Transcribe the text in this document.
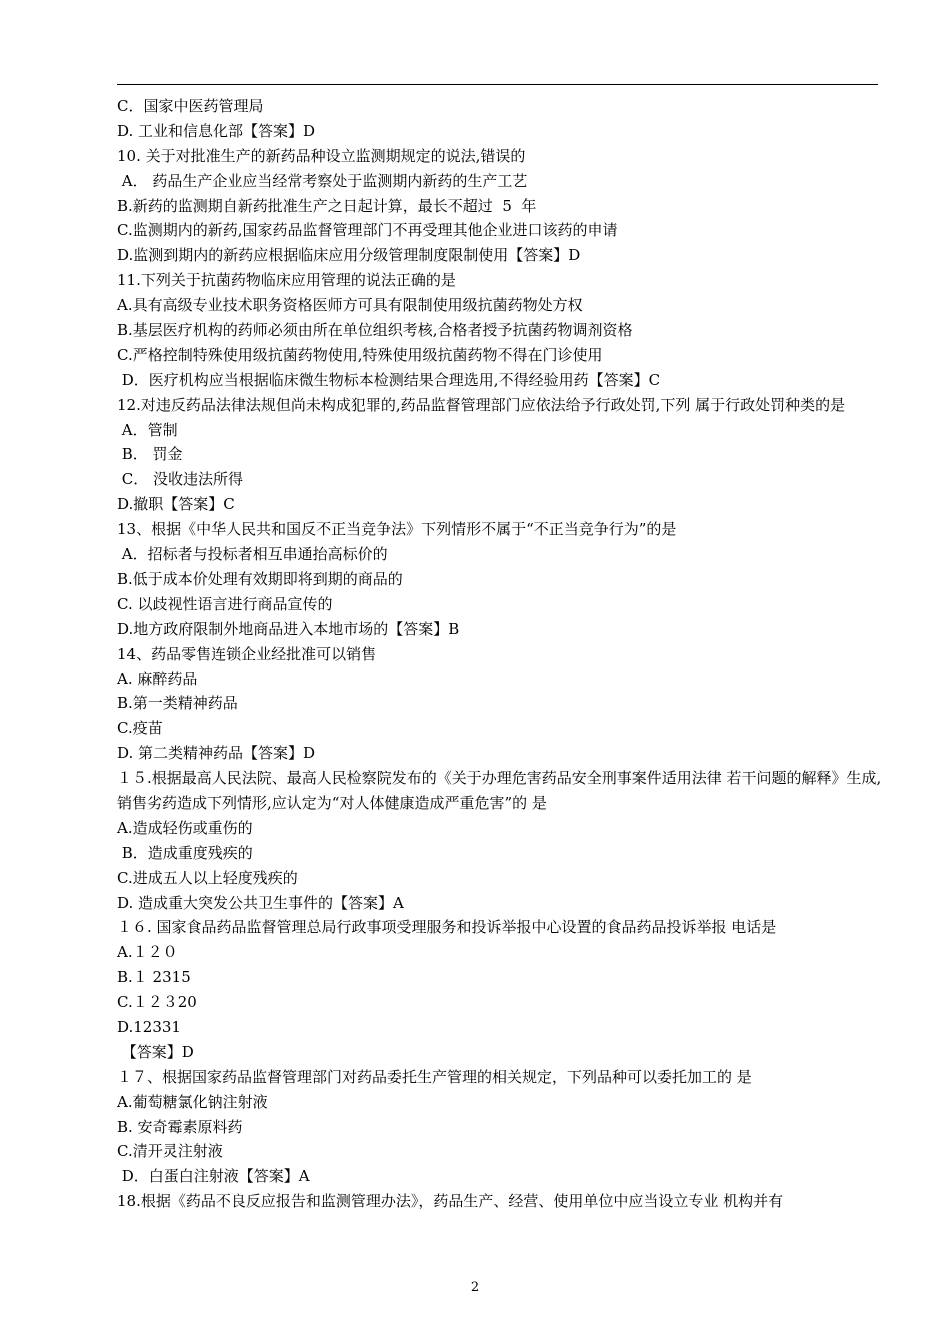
C．国家中医药管理局
D. 工业和信息化部【答案】D
10. 关于对批准生产的新药品种设立监测期规定的说法,错误的
A． 药品生产企业应当经常考察处于监测期内新药的生产工艺
B.新药的监测期自新药批准生产之日起计算，最长不超过  5  年
C.监测期内的新药,国家药品监督管理部门不再受理其他企业进口该药的申请
D.监测到期内的新药应根据临床应用分级管理制度限制使用【答案】D
11.下列关于抗菌药物临床应用管理的说法正确的是
A.具有高级专业技术职务资格医师方可具有限制使用级抗菌药物处方权
B.基层医疗机构的药师必须由所在单位组织考核,合格者授予抗菌药物调剂资格
C.严格控制特殊使用级抗菌药物使用,特殊使用级抗菌药物不得在门诊使用
D．医疗机构应当根据临床微生物标本检测结果合理选用,不得经验用药【答案】C
12.对违反药品法律法规但尚未构成犯罪的,药品监督管理部门应依法给予行政处罚,下列 属于行政处罚种类的是
A．管制
B． 罚金
C． 没收违法所得
D.撤职【答案】C
13、根据《中华人民共和国反不正当竞争法》下列情形不属于“不正当竞争行为”的是
A．招标者与投标者相互串通抬高标价的
B.低于成本价处理有效期即将到期的商品的
C. 以歧视性语言进行商品宣传的
D.地方政府限制外地商品进入本地市场的【答案】B
14、药品零售连锁企业经批准可以销售
A. 麻醉药品
B.第一类精神药品
C.疫苗
D. 第二类精神药品【答案】D
１５.根据最高人民法院、最高人民检察院发布的《关于办理危害药品安全刑事案件适用法律 若干问题的解释》生成,销售劣药造成下列情形,应认定为“对人体健康造成严重危害”的 是
A.造成轻伤或重伤的
B．造成重度残疾的
C.进成五人以上轻度残疾的
D. 造成重大突发公共卫生事件的【答案】A
１６. 国家食品药品监督管理总局行政事项受理服务和投诉举报中心设置的食品药品投诉举报 电话是
A.１２０
B.１ 2315
C.１２３20
D.12331
【答案】D
１７、根据国家药品监督管理部门对药品委托生产管理的相关规定，下列品种可以委托加工的 是
A.葡萄糖氯化钠注射液
B. 安奇霉素原料药
C.清开灵注射液
D．白蛋白注射液【答案】A
18.根据《药品不良反应报告和监测管理办法》，药品生产、经营、使用单位中应当设立专业 机构并有
2
